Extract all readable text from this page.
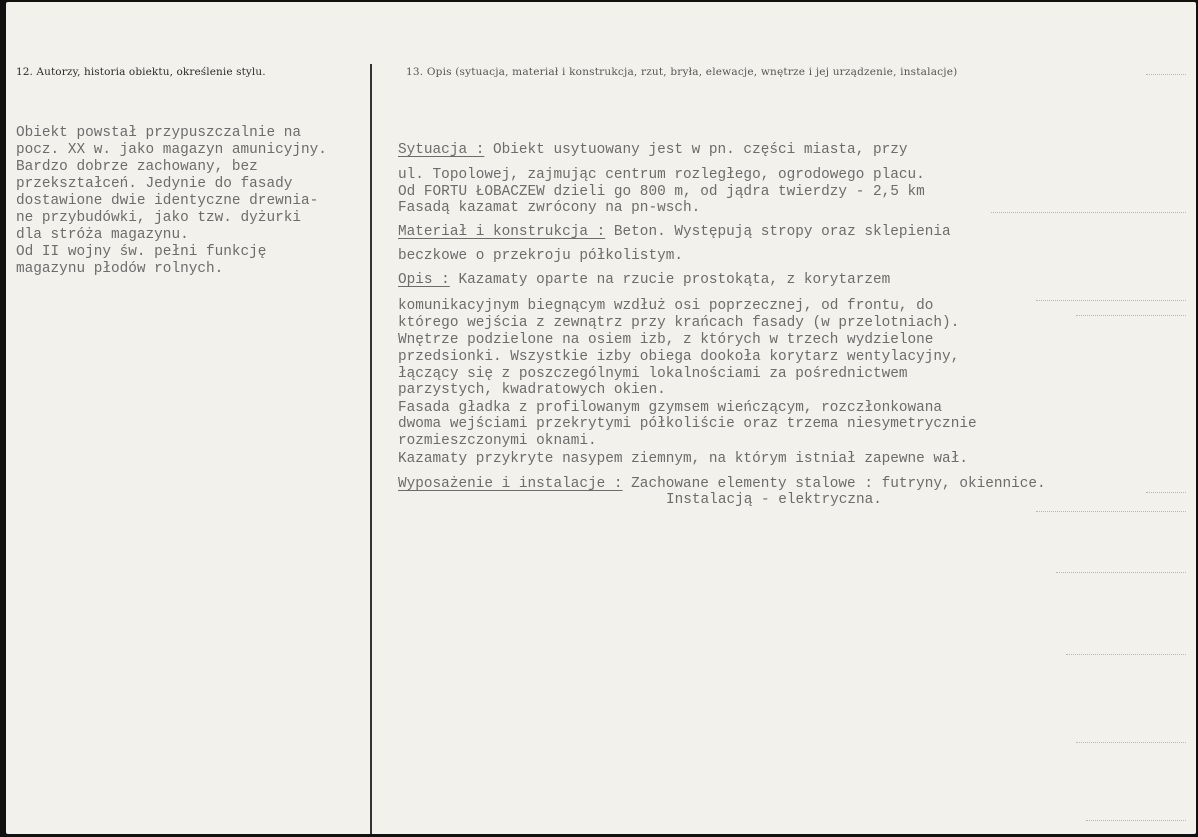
12. Autorzy, historia obiektu, określenie stylu.	13. Opis (sytuacja, materiał i konstrukcja, rzut, bryła, elewacje, wnętrze i jej urządzenie, instalacje)
Obiekt powstał przypuszczalnie na
pocz. XX w. jako magazyn amunicyjny.
Bardzo dobrze zachowany, bez
przekształceń. Jedynie do fasady
dostawione dwie identyczne drewnia-
ne przybudówki, jako tzw. dyżurki
dla stróża magazynu.
Od II wojny św. pełni funkcję
magazynu płodów rolnych.
Sytuacja : Obiekt usytuowany jest w pn. części miasta, przy
ul. Topolowej, zajmując centrum rozległego, ogrodowego placu.
Od FORTU ŁOBACZEW dzieli go 800 m, od jądra twierdzy - 2,5 km
Fasadą kazamat zwrócony na pn-wsch.
Materiał i konstrukcja : Beton. Występują stropy oraz sklepienia
beczkowe o przekroju półkolistym.
Opis : Kazamaty oparte na rzucie prostokąta, z korytarzem
komunikacyjnym biegnącym wzdłuż osi poprzecznej, od frontu, do
którego wejścia z zewnątrz przy krańcach fasady (w przelotniach).
Wnętrze podzielone na osiem izb, z których w trzech wydzielone
przedsionki. Wszystkie izby obiega dookoła korytarz wentylacyjny,
łączący się z poszczególnymi lokalnościami za pośrednictwem
parzystych, kwadratowych okien.
Fasada gładka z profilowanym gzymsem wieńczącym, rozczłonkowana
dwoma wejściami przekrytymi półkoliście oraz trzema niesymetrycznie
rozmieszczonymi oknami.
Kazamaty przykryte nasypem ziemnym, na którym istniał zapewne wał.
Wyposażenie i instalacje : Zachowane elementy stalowe : futryny, okiennice.
Instalacją - elektryczna.
